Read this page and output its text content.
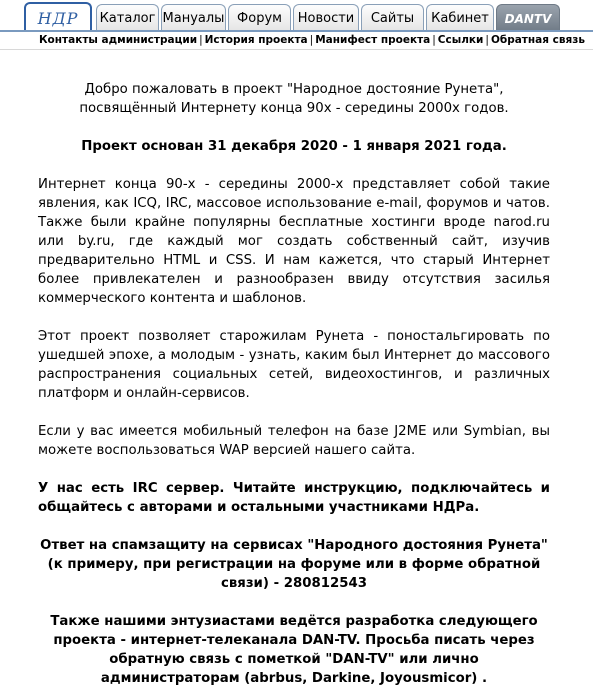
НДР Каталог Мануалы Форум Новости Сайты Кабинет DANTV
Контакты администрации | История проекта | Манифест проекта | Ссылки | Обратная связь

Добро пожаловать в проект "Народное достояние Рунета", посвящённый Интернету конца 90х - середины 2000х годов.

Проект основан 31 декабря 2020 - 1 января 2021 года.

Интернет конца 90-х - середины 2000-х представляет собой такие явления, как ICQ, IRC, массовое использование e-mail, форумов и чатов. Также были крайне популярны бесплатные хостинги вроде narod.ru или by.ru, где каждый мог создать собственный сайт, изучив предварительно HTML и CSS. И нам кажется, что старый Интернет более привлекателен и разнообразен ввиду отсутствия засилья коммерческого контента и шаблонов.

Этот проект позволяет старожилам Рунета - поностальгировать по ушедшей эпохе, а молодым - узнать, каким был Интернет до массового распространения социальных сетей, видеохостингов, и различных платформ и онлайн-сервисов.

Если у вас имеется мобильный телефон на базе J2ME или Symbian, вы можете воспользоваться WAP версией нашего сайта.

У нас есть IRC сервер. Читайте инструкцию, подключайтесь и общайтесь с авторами и остальными участниками НДРа.

Ответ на спамзащиту на сервисах "Народного достояния Рунета" (к примеру, при регистрации на форуме или в форме обратной связи) - 280812543

Также нашими энтузиастами ведётся разработка следующего проекта - интернет-телеканала DAN-TV. Просьба писать через обратную связь с пометкой "DAN-TV" или лично администраторам (abrbus, Darkine, Joyousmicor) .
